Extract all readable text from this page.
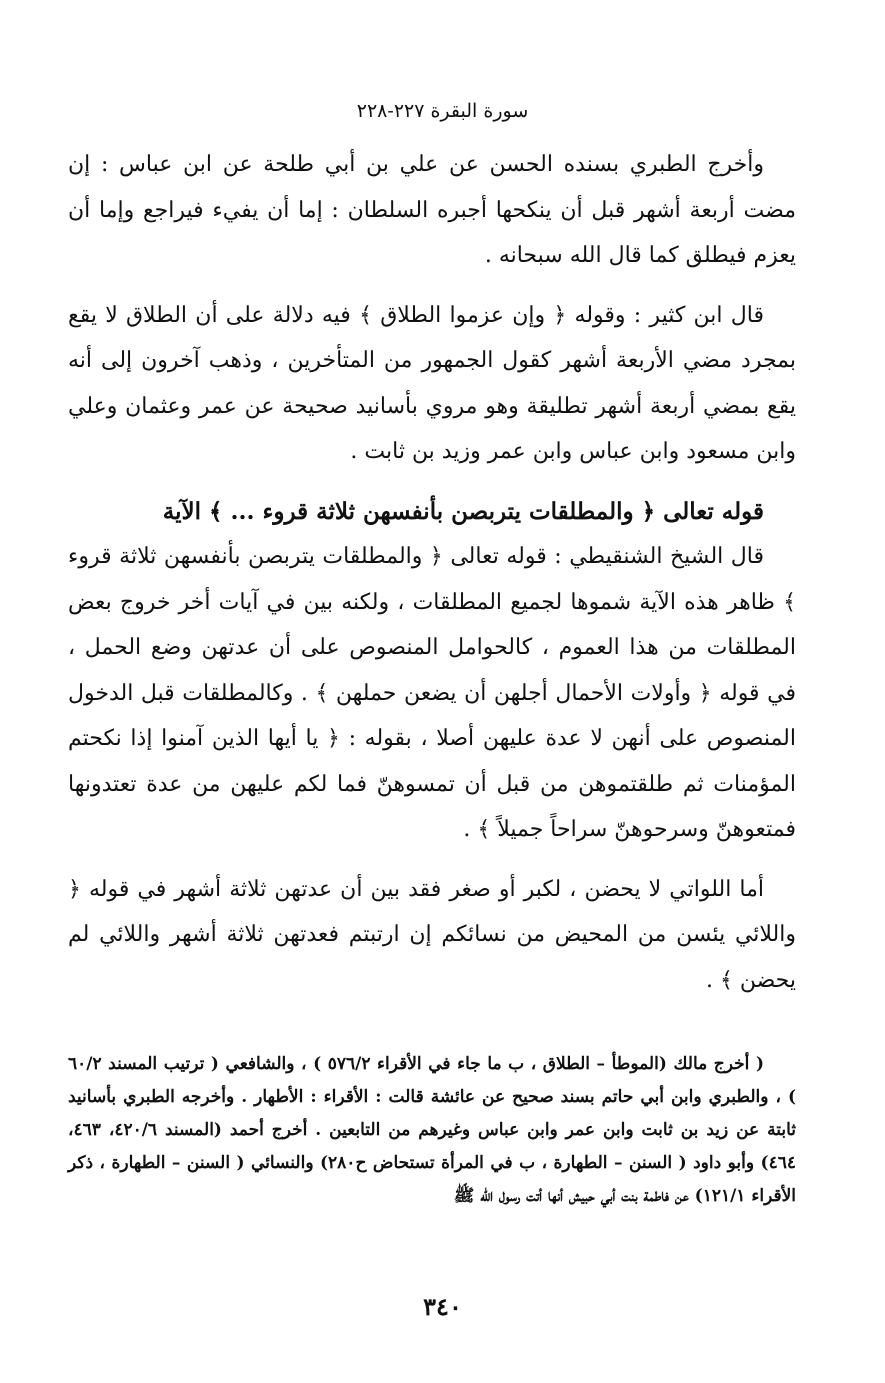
سورة البقرة ٢٢٧-٢٢٨

وأخرج الطبري بسنده الحسن عن علي بن أبي طلحة عن ابن عباس : إن مضت أربعة أشهر قبل أن ينكحها أجبره السلطان : إما أن يفيء فيراجع وإما أن يعزم فيطلق كما قال الله سبحانه .

قال ابن كثير : وقوله ﴿ وإن عزموا الطلاق ﴾ فيه دلالة على أن الطلاق لا يقع بمجرد مضي الأربعة أشهر كقول الجمهور من المتأخرين ، وذهب آخرون إلى أنه يقع بمضي أربعة أشهر تطليقة وهو مروي بأسانيد صحيحة عن عمر وعثمان وعلي وابن مسعود وابن عباس وابن عمر وزيد بن ثابت .

قوله تعالى ﴿ والمطلقات يتربصن بأنفسهن ثلاثة قروء ... ﴾ الآية

قال الشيخ الشنقيطي : قوله تعالى ﴿ والمطلقات يتربصن بأنفسهن ثلاثة قروء ﴾ ظاهر هذه الآية شموها لجميع المطلقات ، ولكنه بين في آيات أخر خروج بعض المطلقات من هذا العموم ، كالحوامل المنصوص على أن عدتهن وضع الحمل ، في قوله ﴿ وأولات الأحمال أجلهن أن يضعن حملهن ﴾ . وكالمطلقات قبل الدخول المنصوص على أنهن لا عدة عليهن أصلا ، بقوله : ﴿ يا أيها الذين آمنوا إذا نكحتم المؤمنات ثم طلقتموهن من قبل أن تمسوهنّ فما لكم عليهن من عدة تعتدونها فمتعوهنّ وسرحوهنّ سراحاً جميلاً ﴾ .

أما اللواتي لا يحضن ، لكبر أو صغر فقد بين أن عدتهن ثلاثة أشهر في قوله ﴿ واللائي يئسن من المحيض من نسائكم إن ارتبتم فعدتهن ثلاثة أشهر واللائي لم يحضن ﴾ .

( أخرج مالك (الموطأ – الطلاق ، ب ما جاء في الأقراء ٥٧٦/٢ ) ، والشافعي ( ترتيب المسند ٦٠/٢ ) ، والطبري وابن أبي حاتم بسند صحيح عن عائشة قالت : الأقراء : الأطهار . وأخرجه الطبري بأسانيد ثابتة عن زيد بن ثابت وابن عمر وابن عباس وغيرهم من التابعين . أخرج أحمد (المسند ٤٢٠/٦، ٤٦٣، ٤٦٤) وأبو داود ( السنن – الطهارة ، ب في المرأة تستحاض ح٢٨٠) والنسائي ( السنن – الطهارة ، ذكر الأقراء ١٢١/١) عن فاطمة بنت أبي حبيش أنها أتت رسول الله ﷺ

٣٤٠
